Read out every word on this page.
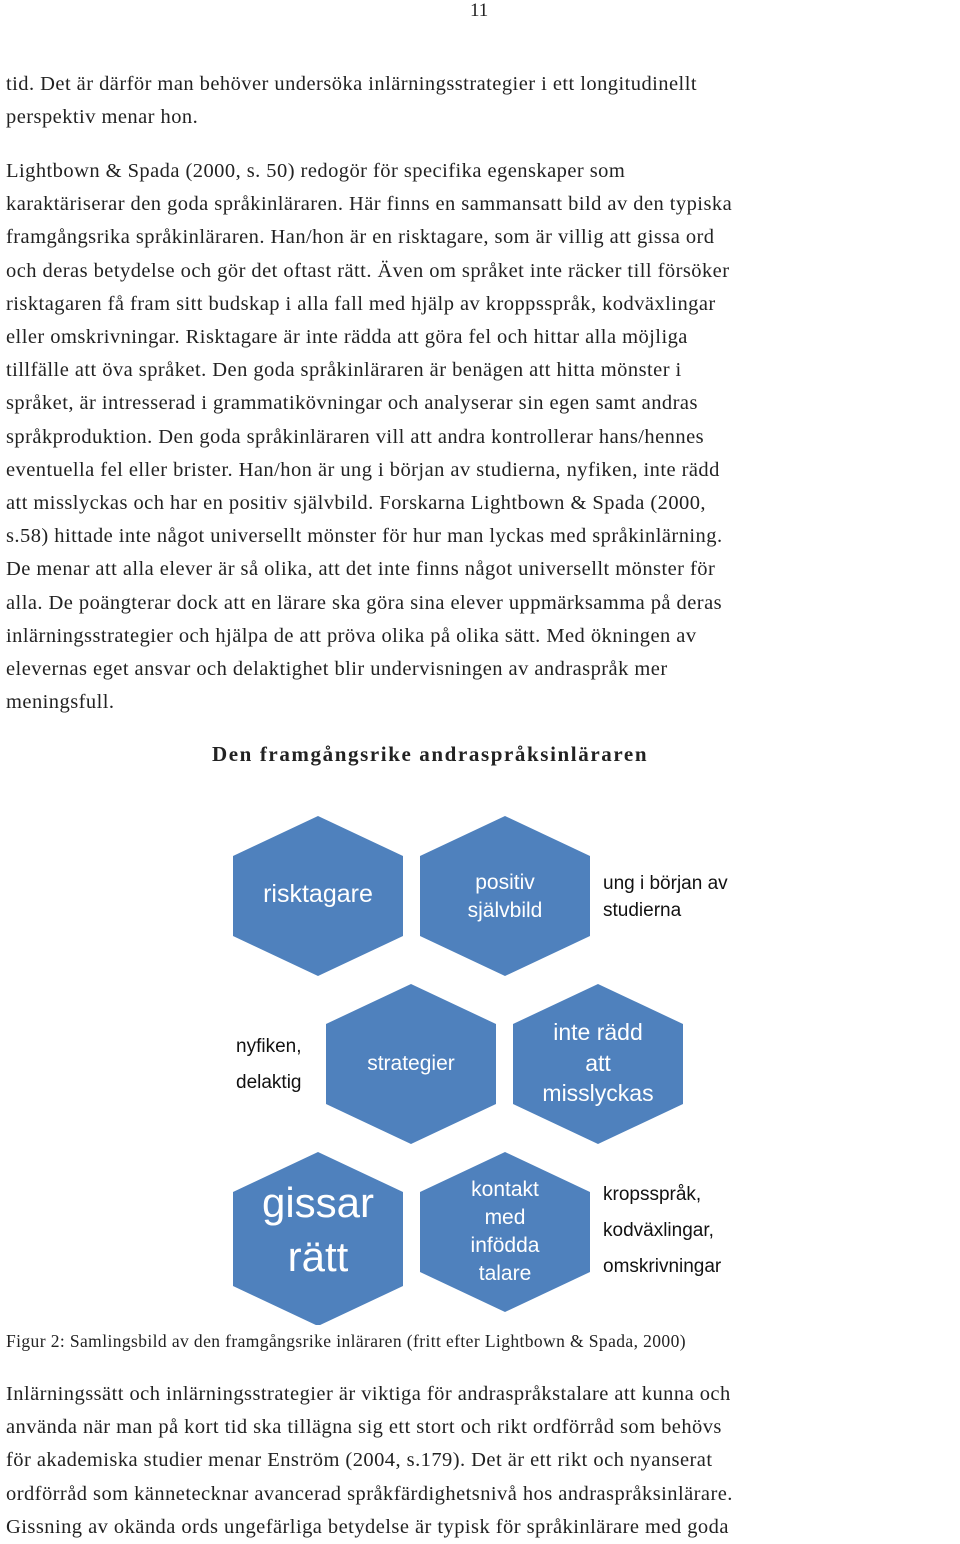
11
tid. Det är därför man behöver undersöka inlärningsstrategier i ett longitudinellt
perspektiv menar hon.
Lightbown & Spada (2000, s. 50) redogör för specifika egenskaper som
karaktäriserar den goda språkinläraren. Här finns en sammansatt bild av den typiska
framgångsrika språkinläraren. Han/hon är en risktagare, som är villig att gissa ord
och deras betydelse och gör det oftast rätt. Även om språket inte räcker till försöker
risktagaren få fram sitt budskap i alla fall med hjälp av kroppsspråk, kodväxlingar
eller omskrivningar. Risktagare är inte rädda att göra fel och hittar alla möjliga
tillfälle att öva språket. Den goda språkinläraren är benägen att hitta mönster i
språket, är intresserad i grammatikövningar och analyserar sin egen samt andras
språkproduktion. Den goda språkinläraren vill att andra kontrollerar hans/hennes
eventuella fel eller brister. Han/hon är ung i början av studierna, nyfiken, inte rädd
att misslyckas och har en positiv självbild. Forskarna Lightbown & Spada (2000,
s.58) hittade inte något universellt mönster för hur man lyckas med språkinlärning.
De menar att alla elever är så olika, att det inte finns något universellt mönster för
alla. De poängterar dock att en lärare ska göra sina elever uppmärksamma på deras
inlärningsstrategier och hjälpa de att pröva olika på olika sätt. Med ökningen av
elevernas eget ansvar och delaktighet blir undervisningen av andraspråk mer
meningsfull.
Den framgångsrike andraspråksinläraren
risktagare	positiv
självbild
ung i början av
studierna
nyfiken,
delaktig
strategier
inte rädd
att
misslyckas
gissar
rätt
kontakt
med
infödda
talare
kropsspråk,
kodväxlingar,
omskrivningar
Figur 2: Samlingsbild av den framgångsrike inläraren (fritt efter Lightbown & Spada, 2000)
Inlärningssätt och inlärningsstrategier är viktiga för andraspråkstalare att kunna och
använda när man på kort tid ska tillägna sig ett stort och rikt ordförråd som behövs
för akademiska studier menar Enström (2004, s.179). Det är ett rikt och nyanserat
ordförråd som kännetecknar avancerad språkfärdighetsnivå hos andraspråksinlärare.
Gissning av okända ords ungefärliga betydelse är typisk för språkinlärare med goda
